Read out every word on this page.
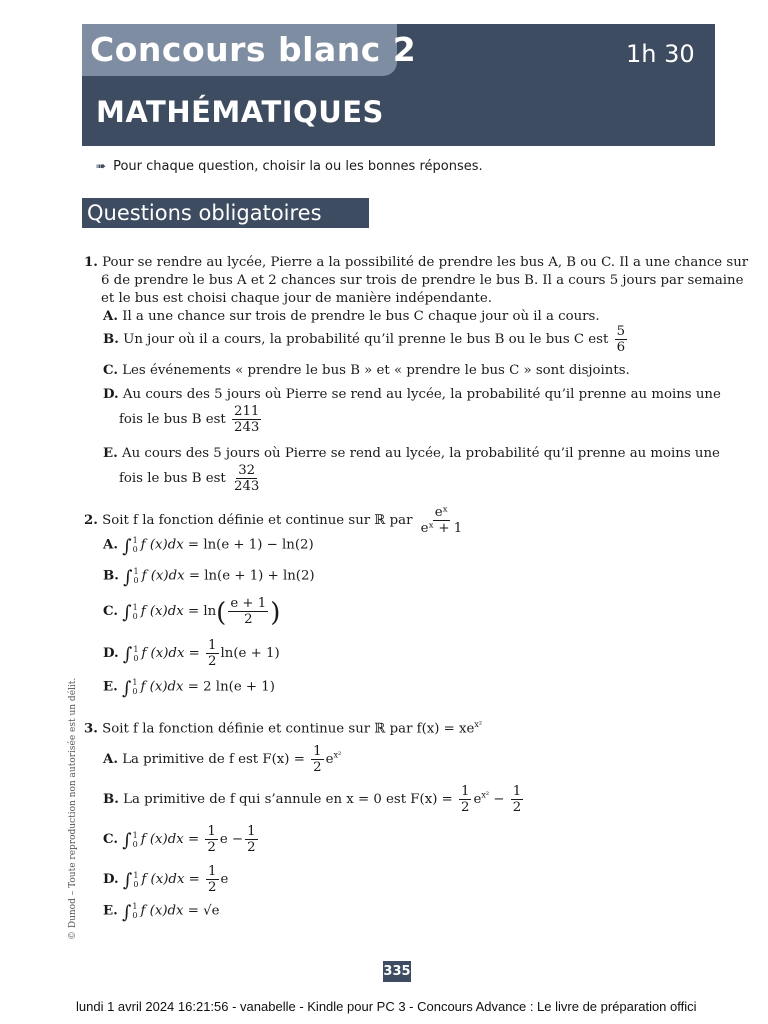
Concours blanc 2	1h 30
MATHÉMATIQUES
➠ Pour chaque question, choisir la ou les bonnes réponses.
Questions obligatoires
1. Pour se rendre au lycée, Pierre a la possibilité de prendre les bus A, B ou C. Il a une chance sur
6 de prendre le bus A et 2 chances sur trois de prendre le bus B. Il a cours 5 jours par semaine
et le bus est choisi chaque jour de manière indépendante.
A. Il a une chance sur trois de prendre le bus C chaque jour où il a cours.
B. Un jour où il a cours, la probabilité qu’il prenne le bus B ou le bus C est $\frac{5}{6}$
C. Les événements « prendre le bus B » et « prendre le bus C » sont disjoints.
D. Au cours des 5 jours où Pierre se rend au lycée, la probabilité qu’il prenne au moins une
fois le bus B est $\frac{211}{243}$
E. Au cours des 5 jours où Pierre se rend au lycée, la probabilité qu’il prenne au moins une
fois le bus B est $\frac{32}{243}$
2. Soit f la fonction définie et continue sur ℝ par $\frac{\text{eˣ}}{\text{eˣ + 1}}$
A. ∫ 1
0 f (x)dx = ln(e + 1) − ln(2)
B. ∫ 1
0 f (x)dx = ln(e + 1) + ln(2)
C. ∫ 1
0 f $(x)dx = \ln( \frac{e + 1}{2}$ )
D. ∫ 1
0 f $(x)dx = \frac{1}{2} \ln(e + 1)$
E. ∫ 1
0 f (x)dx = 2 ln(e + 1)
3. Soit f la fonction définie et continue sur ℝ par $f(x) = xe^{x^2}$
A. La primitive de f est $F(x) = \frac{1}{2} e^{x^2}$
B. La primitive de f qui s’annule en x = 0 est $F(x) = \frac{1}{2} e^{x^2} - \frac{1}{2}$
C. ∫ 1
0 f $(x)dx = \frac{1}{2}$ $e - \frac{1}{2}$
D. ∫ 1
0 f $(x)dx = \frac{1}{2}$ e
E. ∫ 1
0 f (x)dx = √e
© Dunod – Toute reproduction non autorisée est un délit.
335
lundi 1 avril 2024 16:21:56 - vanabelle - Kindle pour PC 3 - Concours Advance : Le livre de préparation offici
